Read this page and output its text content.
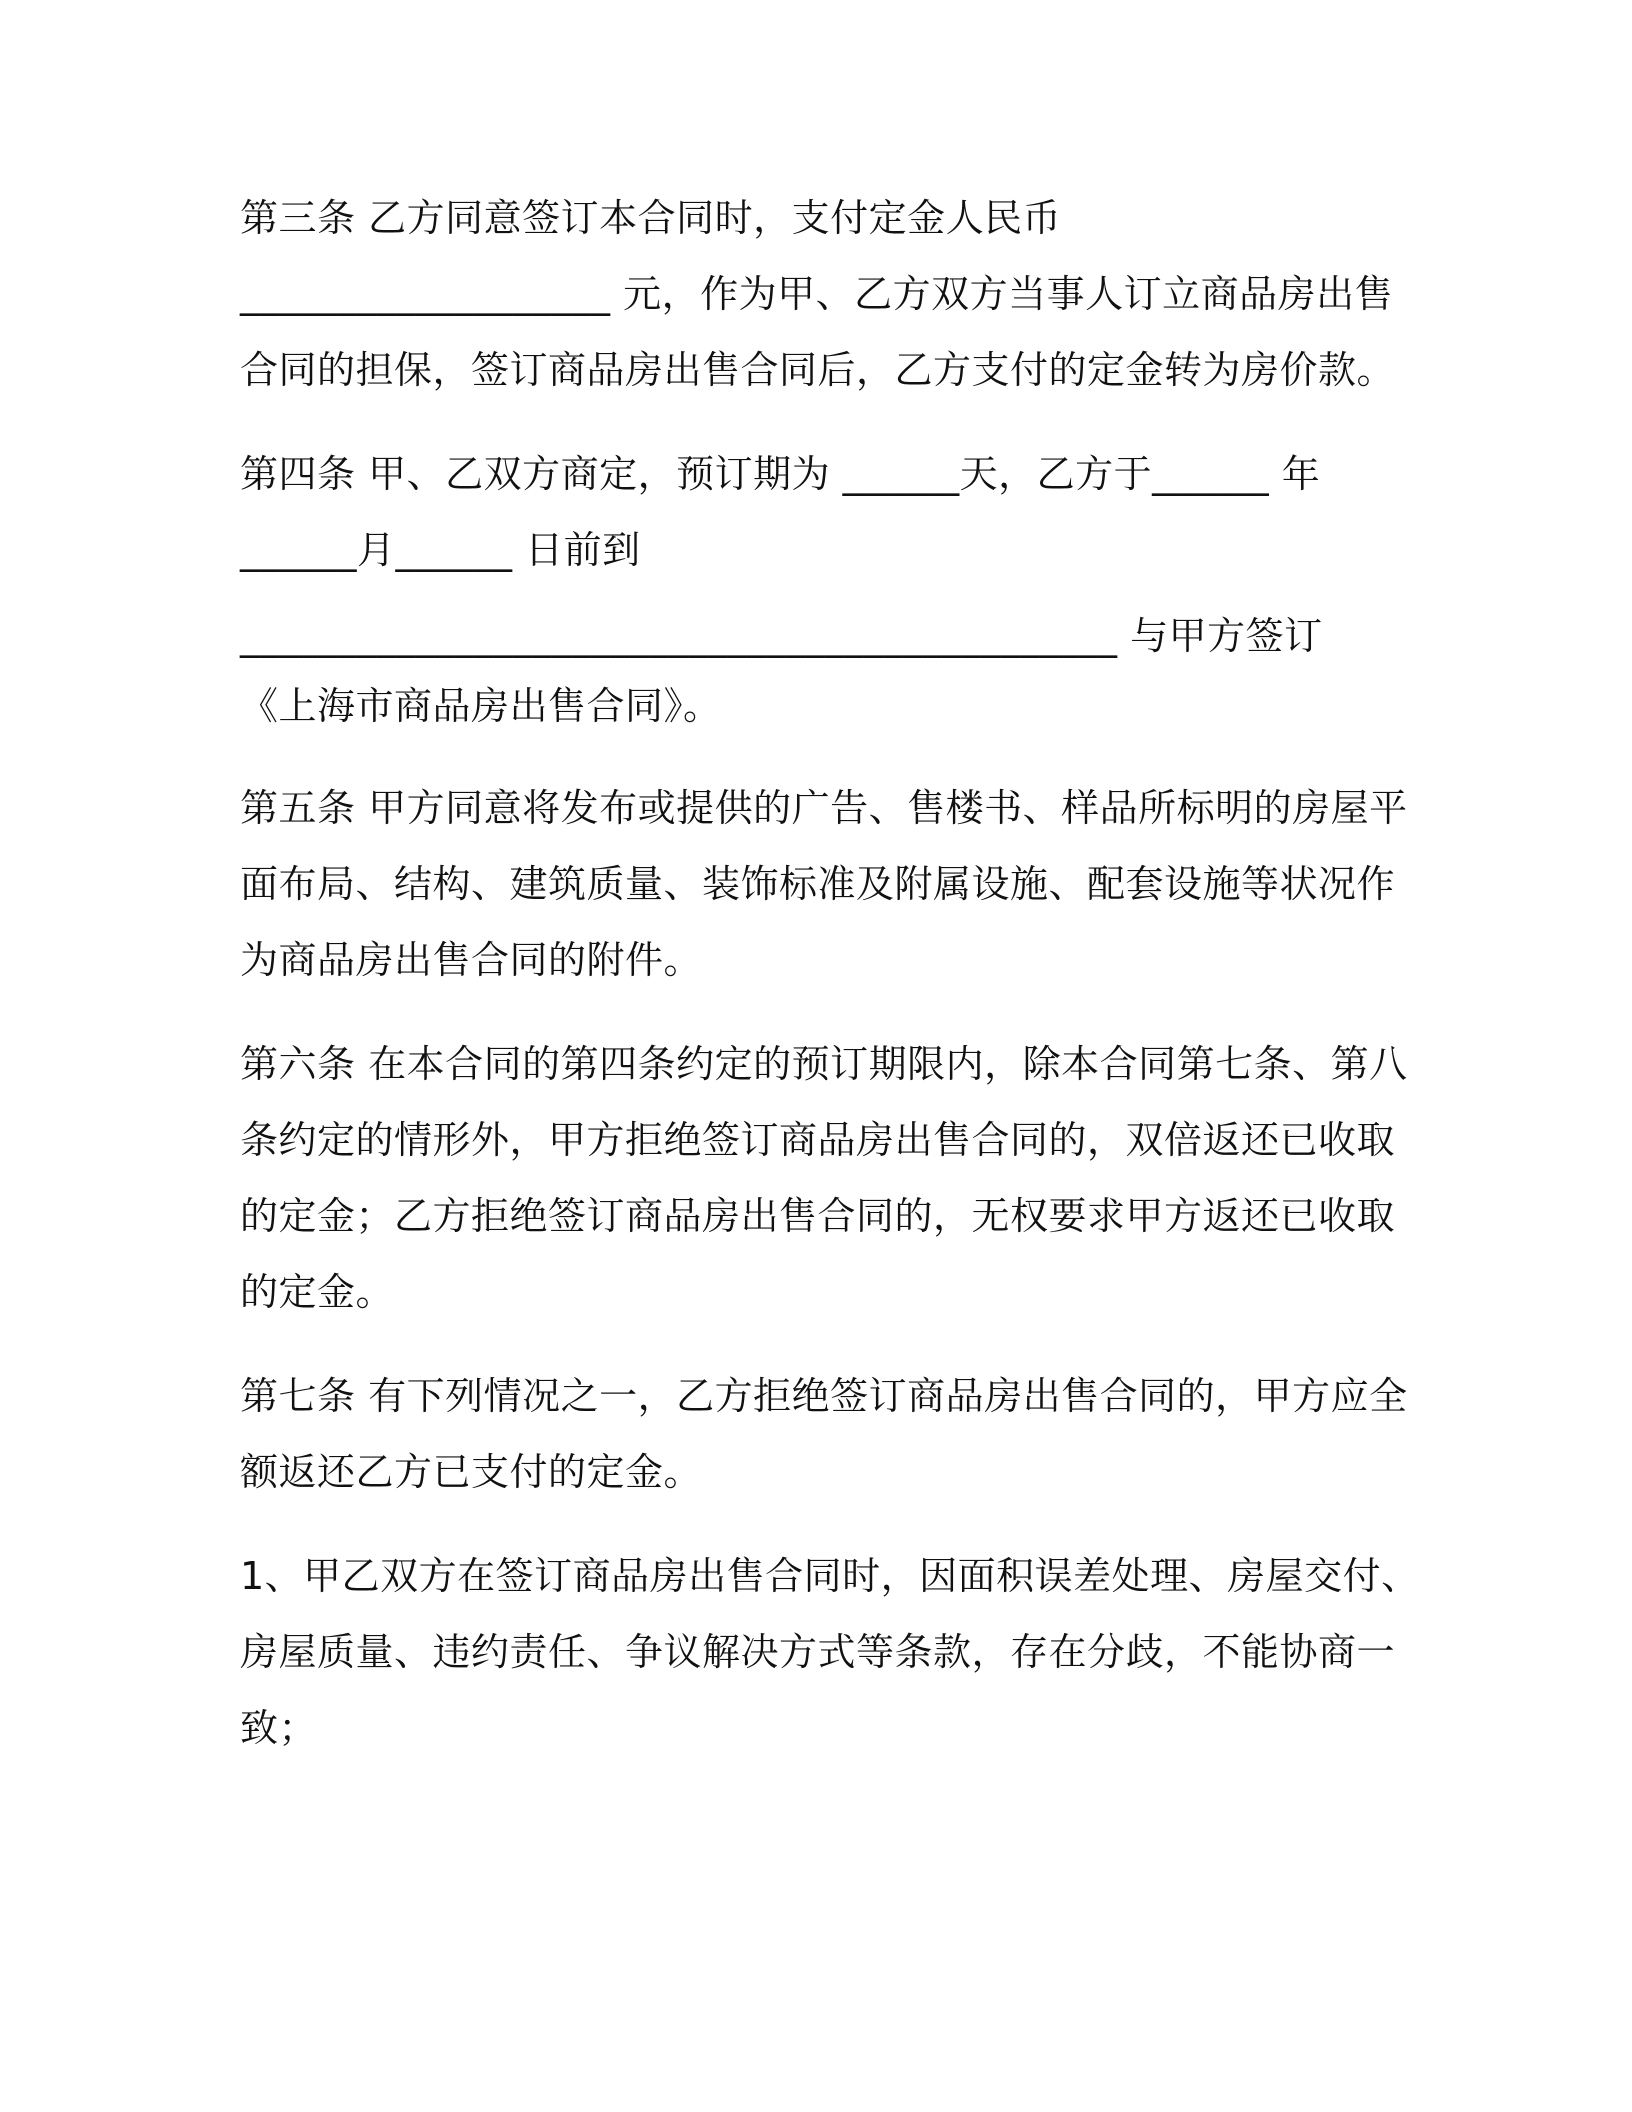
第三条 乙方同意签订本合同时，支付定金人民币

___________________ 元，作为甲、乙方双方当事人订立商品房出售

合同的担保，签订商品房出售合同后，乙方支付的定金转为房价款。

第四条 甲、乙双方商定，预订期为 ______天，乙方于______ 年

______月______ 日前到

_____________________________________________ 与甲方签订

《上海市商品房出售合同》。

第五条 甲方同意将发布或提供的广告、售楼书、样品所标明的房屋平

面布局、结构、建筑质量、装饰标准及附属设施、配套设施等状况作

为商品房出售合同的附件。

第六条 在本合同的第四条约定的预订期限内，除本合同第七条、第八

条约定的情形外，甲方拒绝签订商品房出售合同的，双倍返还已收取

的定金；乙方拒绝签订商品房出售合同的，无权要求甲方返还已收取

的定金。

第七条 有下列情况之一，乙方拒绝签订商品房出售合同的，甲方应全

额返还乙方已支付的定金。

1、甲乙双方在签订商品房出售合同时，因面积误差处理、房屋交付、

房屋质量、违约责任、争议解决方式等条款，存在分歧，不能协商一

致；
